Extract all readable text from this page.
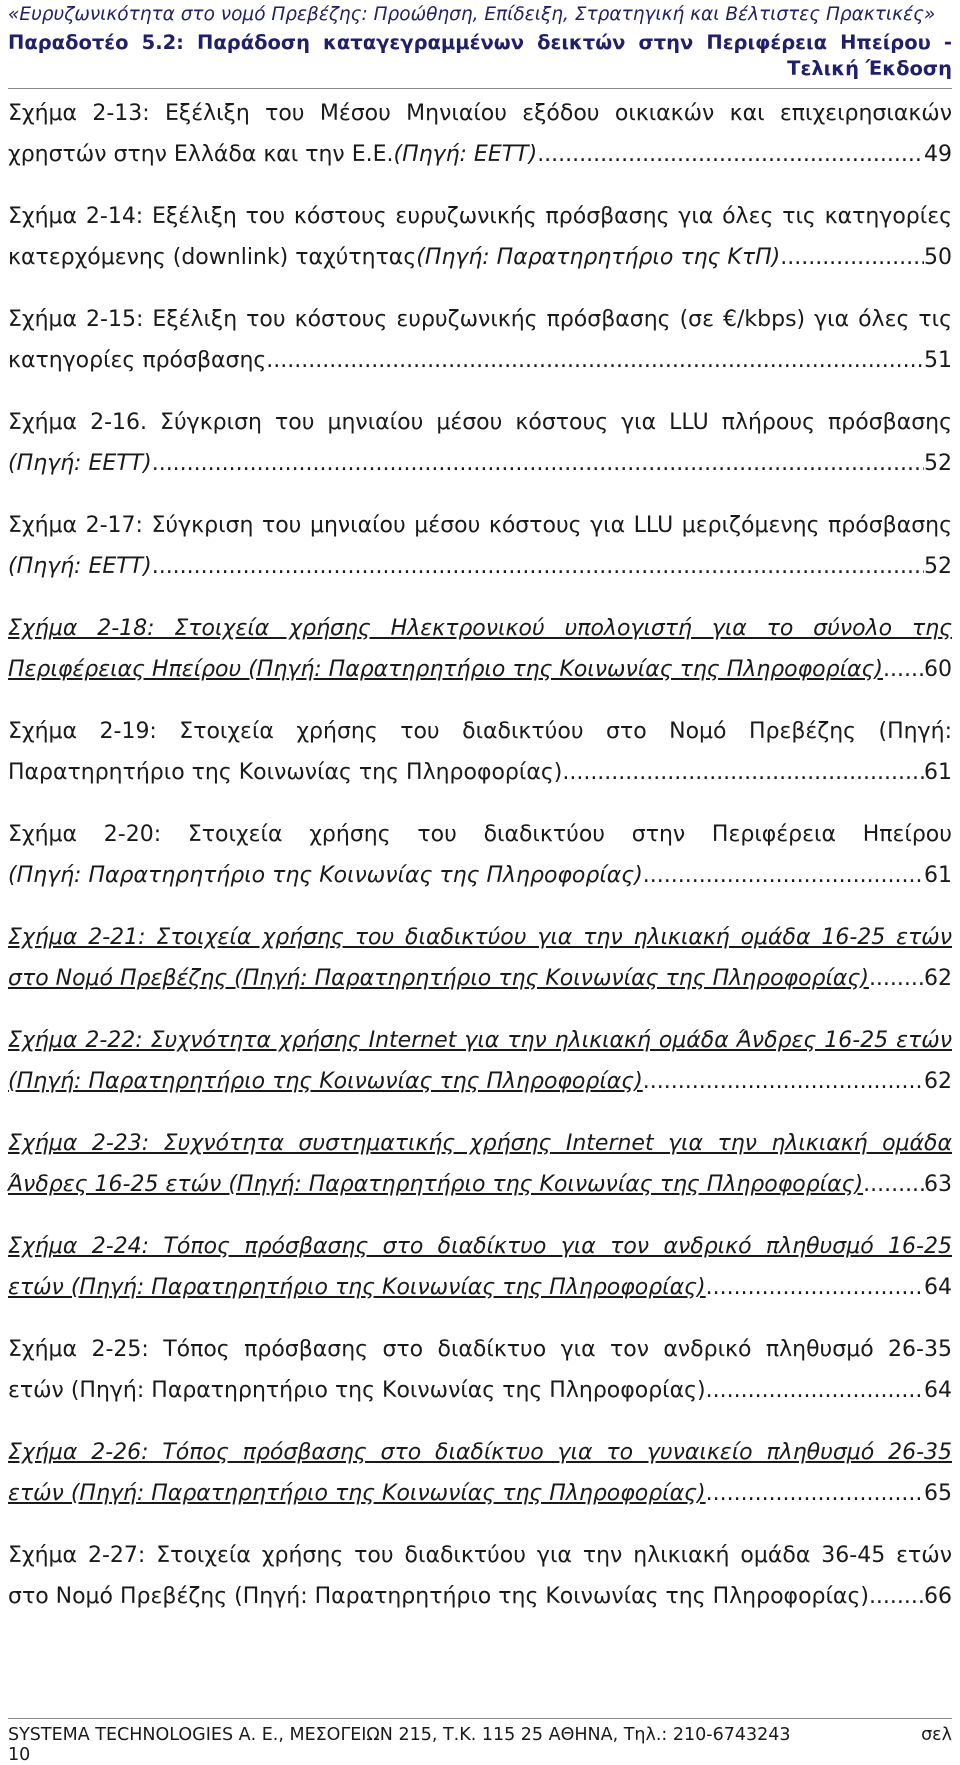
«Ευρυζωνικότητα στο νομό Πρεβέζης: Προώθηση, Επίδειξη, Στρατηγική και Βέλτιστες Πρακτικές»
Παραδοτέο 5.2: Παράδοση καταγεγραμμένων δεικτών στην Περιφέρεια Ηπείρου -
Τελική Έκδοση
Σχήμα 2-13: Εξέλιξη του Μέσου Μηνιαίου εξόδου οικιακών και επιχειρησιακών
χρηστών στην Ελλάδα και την Ε.Ε. (Πηγή: ΕΕΤΤ) .....	49
Σχήμα 2-14: Εξέλιξη του κόστους ευρυζωνικής πρόσβασης για όλες τις κατηγορίες
κατερχόμενης (downlink) ταχύτητας (Πηγή: Παρατηρητήριο της ΚτΠ) .....	50
Σχήμα 2-15: Εξέλιξη του κόστους ευρυζωνικής πρόσβασης (σε €/kbps) για όλες τις
κατηγορίες πρόσβασης .....	51
Σχήμα 2-16. Σύγκριση του μηνιαίου μέσου κόστους για LLU πλήρους πρόσβασης
(Πηγή: ΕΕΤΤ) .....	52
Σχήμα 2-17: Σύγκριση του μηνιαίου μέσου κόστους για LLU μεριζόμενης πρόσβασης
(Πηγή: ΕΕΤΤ) .....	52
Σχήμα 2-18: Στοιχεία χρήσης Ηλεκτρονικού υπολογιστή για το σύνολο της
Περιφέρειας Ηπείρου (Πηγή: Παρατηρητήριο της Κοινωνίας της Πληροφορίας) ..... 60
Σχήμα 2-19: Στοιχεία χρήσης του διαδικτύου στο Νομό Πρεβέζης (Πηγή:
Παρατηρητήριο της Κοινωνίας της Πληροφορίας) .....	61
Σχήμα 2-20: Στοιχεία χρήσης του διαδικτύου στην Περιφέρεια Ηπείρου
(Πηγή: Παρατηρητήριο της Κοινωνίας της Πληροφορίας) .....	61
Σχήμα 2-21: Στοιχεία χρήσης του διαδικτύου για την ηλικιακή ομάδα 16-25 ετών
στο Νομό Πρεβέζης (Πηγή: Παρατηρητήριο της Κοινωνίας της Πληροφορίας) .....	62
Σχήμα 2-22: Συχνότητα χρήσης Internet για την ηλικιακή ομάδα Άνδρες 16-25 ετών
(Πηγή: Παρατηρητήριο της Κοινωνίας της Πληροφορίας) .....	62
Σχήμα 2-23: Συχνότητα συστηματικής χρήσης Internet για την ηλικιακή ομάδα
Άνδρες 16-25 ετών (Πηγή: Παρατηρητήριο της Κοινωνίας της Πληροφορίας) .....	63
Σχήμα 2-24: Τόπος πρόσβασης στο διαδίκτυο για τον ανδρικό πληθυσμό 16-25
ετών (Πηγή: Παρατηρητήριο της Κοινωνίας της Πληροφορίας) .....	64
Σχήμα 2-25: Τόπος πρόσβασης στο διαδίκτυο για τον ανδρικό πληθυσμό 26-35
ετών (Πηγή: Παρατηρητήριο της Κοινωνίας της Πληροφορίας) .....	64
Σχήμα 2-26: Τόπος πρόσβασης στο διαδίκτυο για το γυναικείο πληθυσμό 26-35
ετών (Πηγή: Παρατηρητήριο της Κοινωνίας της Πληροφορίας) .....	65
Σχήμα 2-27: Στοιχεία χρήσης του διαδικτύου για την ηλικιακή ομάδα 36-45 ετών
στο Νομό Πρεβέζης (Πηγή: Παρατηρητήριο της Κοινωνίας της Πληροφορίας) .....	66
SYSTEMA TECHNOLOGIES Α. Ε., ΜΕΣΟΓΕΙΩΝ 215, Τ.Κ. 115 25 ΑΘΗΝΑ, Τηλ.: 210-6743243	σελ
10
